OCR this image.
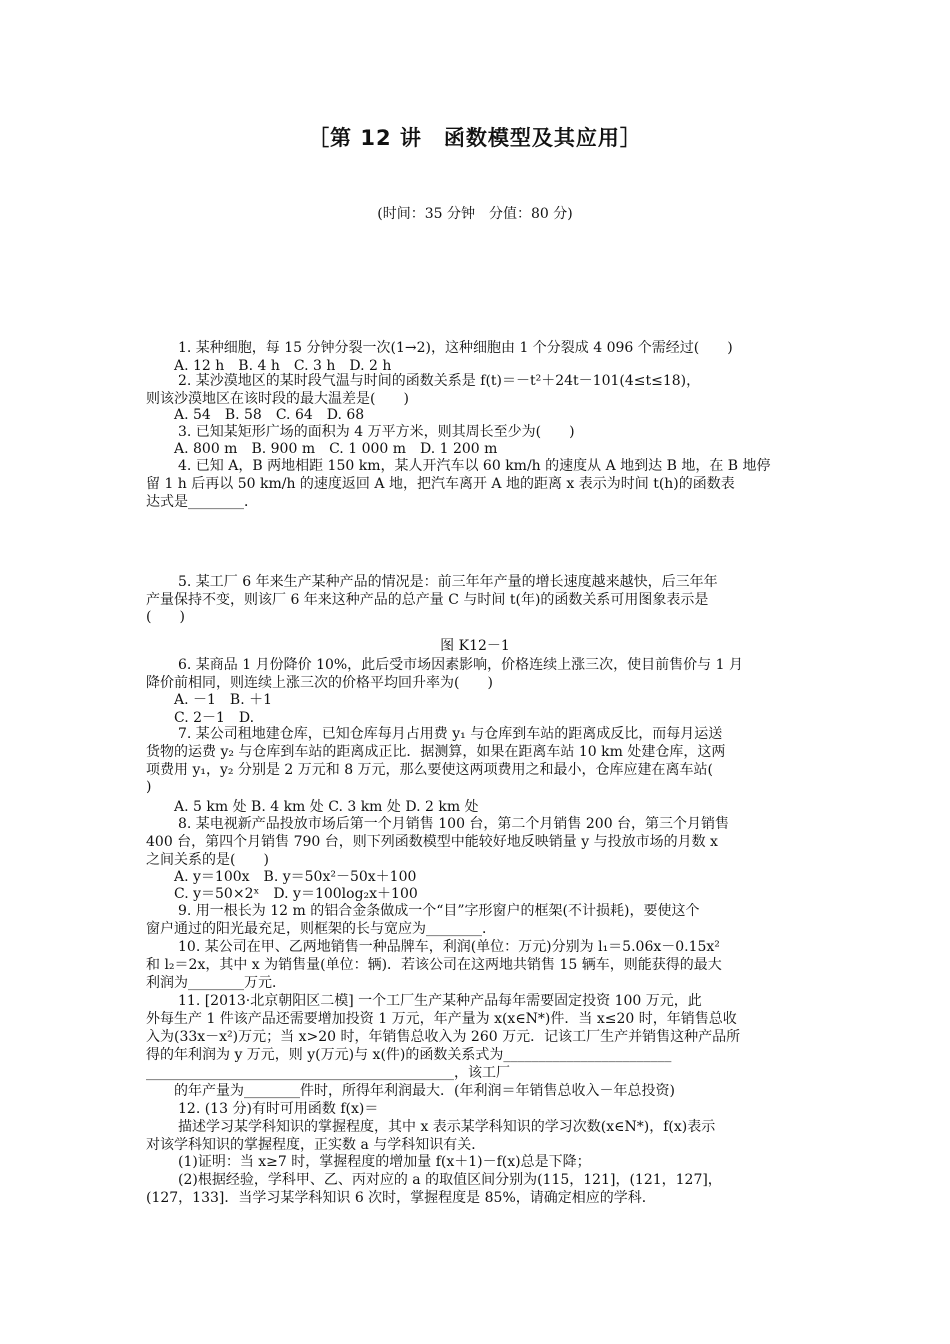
［第 12 讲　函数模型及其应用］
(时间：35 分钟　分值：80 分)
1. 某种细胞，每 15 分钟分裂一次(1→2)，这种细胞由 1 个分裂成 4 096 个需经过(　　)
A. 12 h　B. 4 h　C. 3 h　D. 2 h
2. 某沙漠地区的某时段气温与时间的函数关系是 f(t)＝－t²＋24t－101(4≤t≤18)，
则该沙漠地区在该时段的最大温差是(　　)
A. 54　B. 58　C. 64　D. 68
3. 已知某矩形广场的面积为 4 万平方米，则其周长至少为(　　)
A. 800 m　B. 900 m　C. 1 000 m　D. 1 200 m
4. 已知 A，B 两地相距 150 km，某人开汽车以 60 km/h 的速度从 A 地到达 B 地，在 B 地停
留 1 h 后再以 50 km/h 的速度返回 A 地，把汽车离开 A 地的距离 x 表示为时间 t(h)的函数表
达式是________．
5. 某工厂 6 年来生产某种产品的情况是：前三年年产量的增长速度越来越快，后三年年
产量保持不变，则该厂 6 年来这种产品的总产量 C 与时间 t(年)的函数关系可用图象表示是
(　　)
图 K12－1
6. 某商品 1 月份降价 10%，此后受市场因素影响，价格连续上涨三次，使目前售价与 1 月
降价前相同，则连续上涨三次的价格平均回升率为(　　)
A. －1　B. ＋1
C. 2－1　D.
7. 某公司租地建仓库，已知仓库每月占用费 y₁ 与仓库到车站的距离成反比，而每月运送
货物的运费 y₂ 与仓库到车站的距离成正比．据测算，如果在距离车站 10 km 处建仓库，这两
项费用 y₁，y₂ 分别是 2 万元和 8 万元，那么要使这两项费用之和最小，仓库应建在离车站(
)
A. 5 km 处 B. 4 km 处 C. 3 km 处 D. 2 km 处
8. 某电视新产品投放市场后第一个月销售 100 台，第二个月销售 200 台，第三个月销售
400 台，第四个月销售 790 台，则下列函数模型中能较好地反映销量 y 与投放市场的月数 x
之间关系的是(　　)
A. y＝100x　B. y＝50x²－50x＋100
C. y＝50×2ˣ　D. y＝100log₂x＋100
9. 用一根长为 12 m 的铝合金条做成一个“目”字形窗户的框架(不计损耗)，要使这个
窗户通过的阳光最充足，则框架的长与宽应为________．
10. 某公司在甲、乙两地销售一种品牌车，利润(单位：万元)分别为 l₁＝5.06x－0.15x²
和 l₂＝2x，其中 x 为销售量(单位：辆)．若该公司在这两地共销售 15 辆车，则能获得的最大
利润为________万元．
11. [2013·北京朝阳区二模] 一个工厂生产某种产品每年需要固定投资 100 万元，此
外每生产 1 件该产品还需要增加投资 1 万元，年产量为 x(x∈N*)件．当 x≤20 时，年销售总收
入为(33x－x²)万元；当 x>20 时，年销售总收入为 260 万元．记该工厂生产并销售这种产品所
得的年利润为 y 万元，则 y(万元)与 x(件)的函数关系式为________________________
____________________________________________，该工厂
的年产量为________件时，所得年利润最大．(年利润＝年销售总收入－年总投资)
12. (13 分)有时可用函数 f(x)＝
描述学习某学科知识的掌握程度，其中 x 表示某学科知识的学习次数(x∈N*)，f(x)表示
对该学科知识的掌握程度，正实数 a 与学科知识有关．
(1)证明：当 x≥7 时，掌握程度的增加量 f(x＋1)－f(x)总是下降；
(2)根据经验，学科甲、乙、丙对应的 a 的取值区间分别为(115，121]，(121，127]，
(127，133]．当学习某学科知识 6 次时，掌握程度是 85%，请确定相应的学科．
